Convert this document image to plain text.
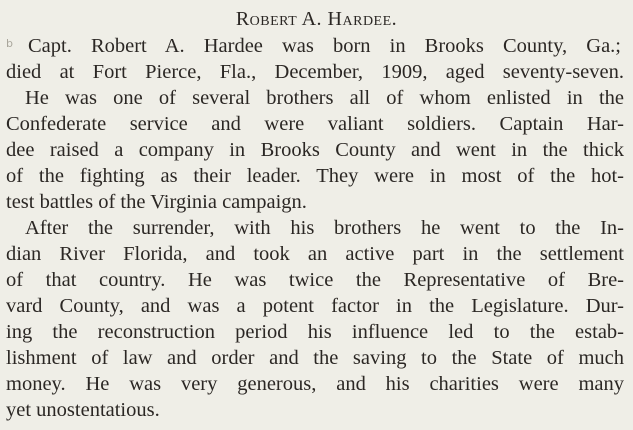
Robert A. Hardee.
b Capt. Robert A. Hardee was born in Brooks County, Ga.;
died at Fort Pierce, Fla., December, 1909, aged seventy-seven.
He was one of several brothers all of whom enlisted in the
Confederate service and were valiant soldiers. Captain Har-
dee raised a company in Brooks County and went in the thick
of the fighting as their leader. They were in most of the hot-
test battles of the Virginia campaign.
After the surrender, with his brothers he went to the In-
dian River Florida, and took an active part in the settlement
of that country. He was twice the Representative of Bre-
vard County, and was a potent factor in the Legislature. Dur-
ing the reconstruction period his influence led to the estab-
lishment of law and order and the saving to the State of much
money. He was very generous, and his charities were many
yet unostentatious.
